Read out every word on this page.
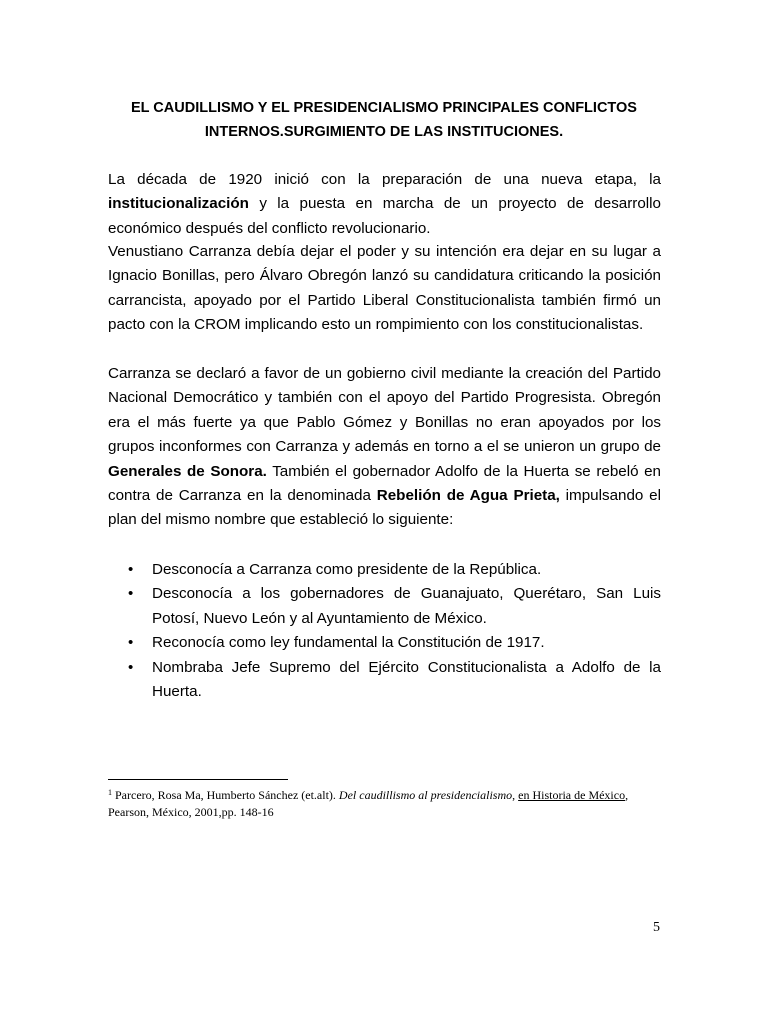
EL CAUDILLISMO Y EL PRESIDENCIALISMO PRINCIPALES CONFLICTOS
INTERNOS.SURGIMIENTO DE LAS INSTITUCIONES.

La década de 1920 inició con la preparación de una nueva etapa, la institucionalización y la puesta en marcha de un proyecto de desarrollo económico después del conflicto revolucionario.

Venustiano Carranza debía dejar el poder y su intención era dejar en su lugar a Ignacio Bonillas, pero Álvaro Obregón lanzó su candidatura criticando la posición carrancista, apoyado por el Partido Liberal Constitucionalista también firmó un pacto con la CROM implicando esto un rompimiento con los constitucionalistas.

Carranza se declaró a favor de un gobierno civil mediante la creación del Partido Nacional Democrático y también con el apoyo del Partido Progresista. Obregón era el más fuerte ya que Pablo Gómez y Bonillas no eran apoyados por los grupos inconformes con Carranza y además en torno a el se unieron un grupo de Generales de Sonora. También el gobernador Adolfo de la Huerta se rebeló en contra de Carranza en la denominada Rebelión de Agua Prieta, impulsando el plan del mismo nombre que estableció lo siguiente:

• Desconocía a Carranza como presidente de la República.
• Desconocía a los gobernadores de Guanajuato, Querétaro, San Luis Potosí, Nuevo León y al Ayuntamiento de México.
• Reconocía como ley fundamental la Constitución de 1917.
• Nombraba Jefe Supremo del Ejército Constitucionalista a Adolfo de la Huerta.

$^1$ Parcero, Rosa Ma, Humberto Sánchez (et.alt). Del caudillismo al presidencialismo, en Historia de México, Pearson, México, 2001,pp. 148-16

5
